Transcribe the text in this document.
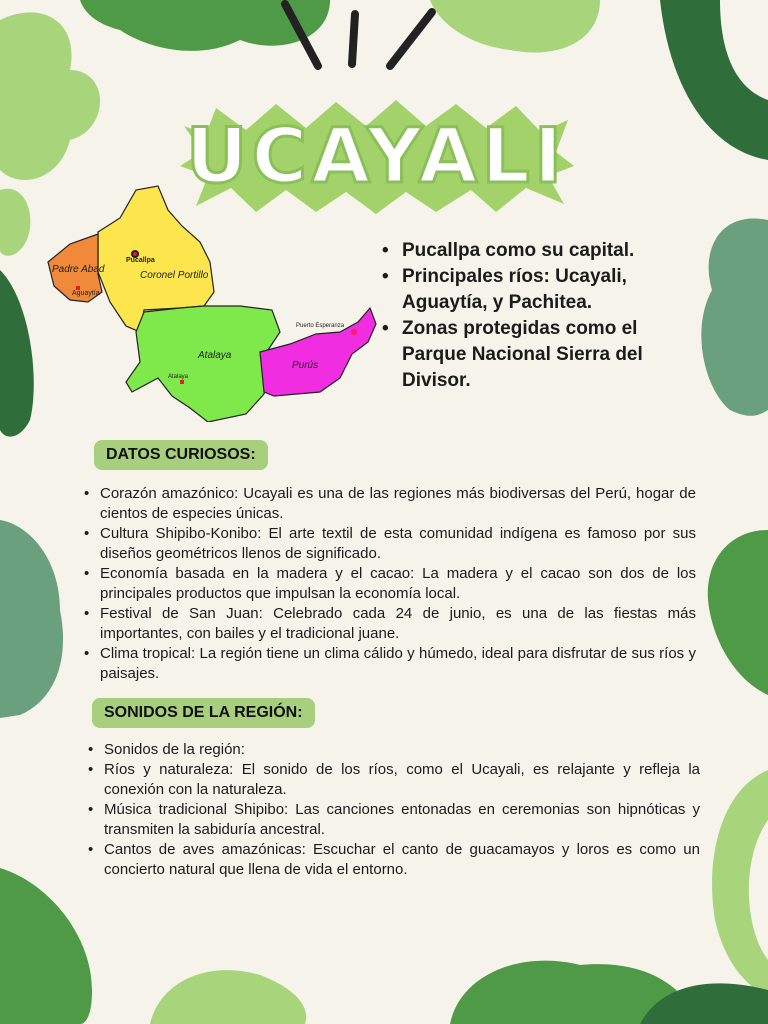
UCAYALI
Padre Abad
Coronel Portillo
Atalaya
Purús
Pucallpa
Aguaytía
Atalaya
Puerto Esperanza
• Pucallpa como su capital.
• Principales ríos: Ucayali, Aguaytía, y Pachitea.
• Zonas protegidas como el Parque Nacional Sierra del Divisor.
DATOS CURIOSOS:
• Corazón amazónico: Ucayali es una de las regiones más biodiversas del Perú, hogar de cientos de especies únicas.
• Cultura Shipibo-Konibo: El arte textil de esta comunidad indígena es famoso por sus diseños geométricos llenos de significado.
• Economía basada en la madera y el cacao: La madera y el cacao son dos de los principales productos que impulsan la economía local.
• Festival de San Juan: Celebrado cada 24 de junio, es una de las fiestas más importantes, con bailes y el tradicional juane.
• Clima tropical: La región tiene un clima cálido y húmedo, ideal para disfrutar de sus ríos y paisajes.
SONIDOS DE LA REGIÓN:
• Sonidos de la región:
• Ríos y naturaleza: El sonido de los ríos, como el Ucayali, es relajante y refleja la conexión con la naturaleza.
• Música tradicional Shipibo: Las canciones entonadas en ceremonias son hipnóticas y transmiten la sabiduría ancestral.
• Cantos de aves amazónicas: Escuchar el canto de guacamayos y loros es como un concierto natural que llena de vida el entorno.
